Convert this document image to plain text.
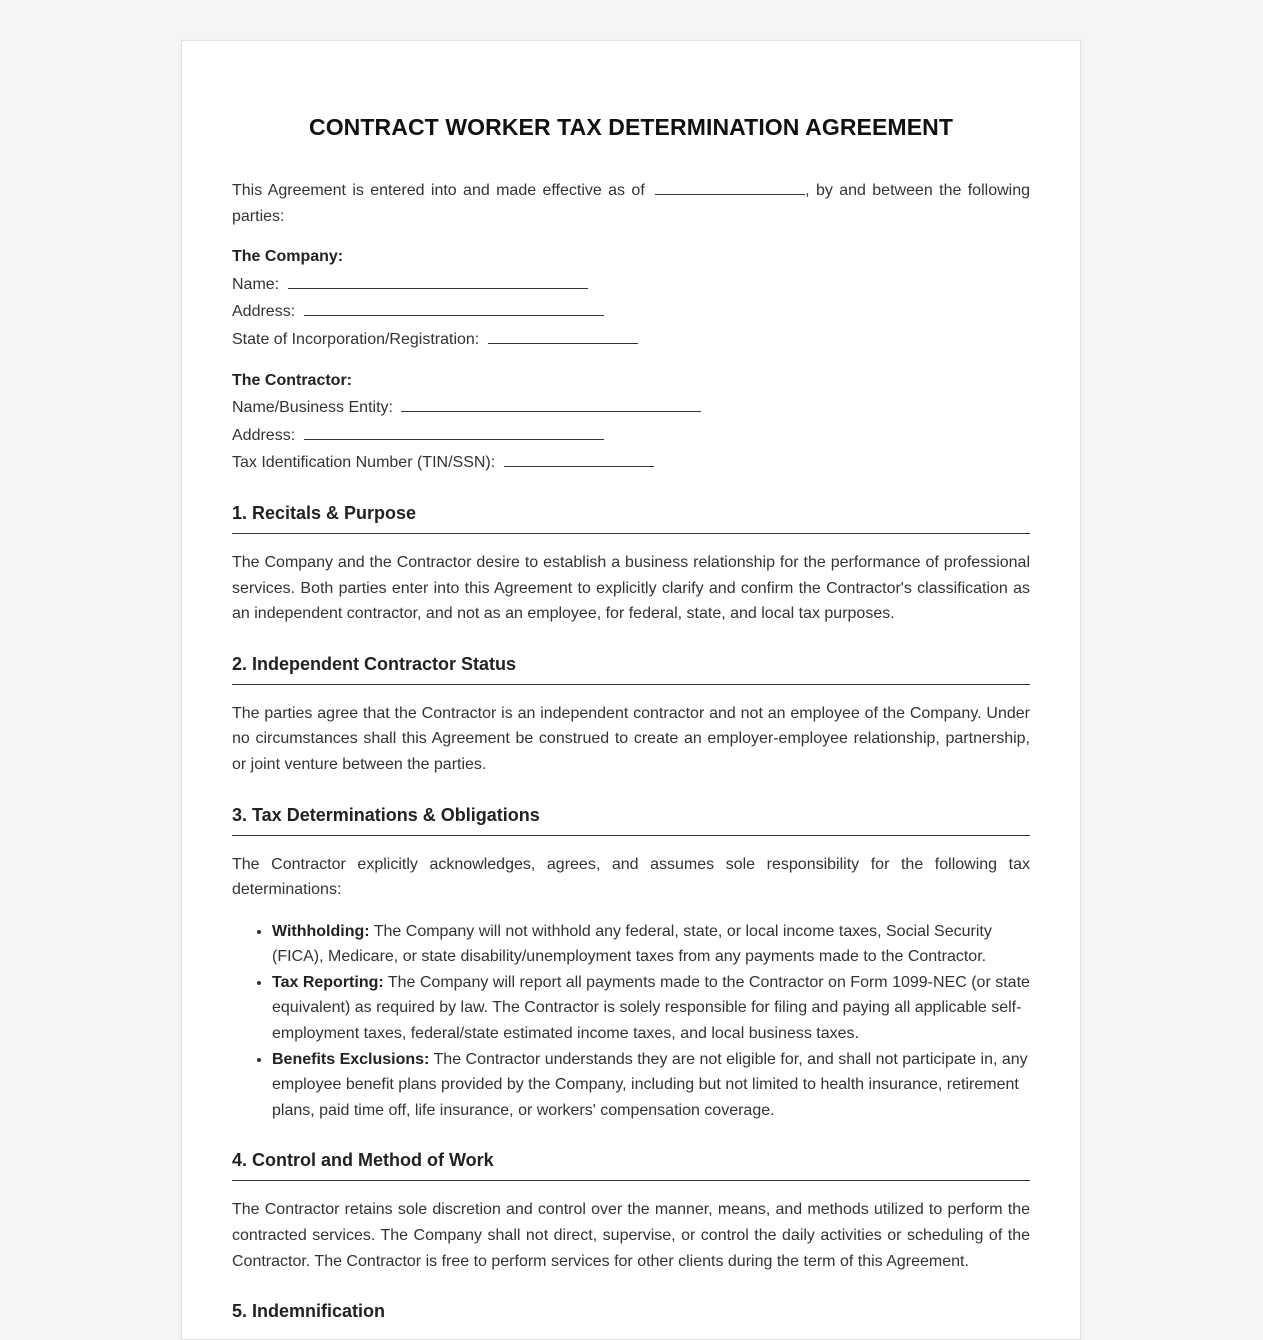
CONTRACT WORKER TAX DETERMINATION AGREEMENT

This Agreement is entered into and made effective as of	, by and between the following parties:

The Company:
Name:
Address:
State of Incorporation/Registration:
The Contractor:
Name/Business Entity:
Address:
Tax Identification Number (TIN/SSN):
1. Recitals & Purpose

The Company and the Contractor desire to establish a business relationship for the performance of professional services. Both parties enter into this Agreement to explicitly clarify and confirm the Contractor's classification as an independent contractor, and not as an employee, for federal, state, and local tax purposes.

2. Independent Contractor Status

The parties agree that the Contractor is an independent contractor and not an employee of the Company. Under no circumstances shall this Agreement be construed to create an employer-employee relationship, partnership, or joint venture between the parties.

3. Tax Determinations & Obligations

The Contractor explicitly acknowledges, agrees, and assumes sole responsibility for the following tax determinations:

• Withholding: The Company will not withhold any federal, state, or local income taxes, Social Security (FICA), Medicare, or state disability/unemployment taxes from any payments made to the Contractor.
• Tax Reporting: The Company will report all payments made to the Contractor on Form 1099-NEC (or state equivalent) as required by law. The Contractor is solely responsible for filing and paying all applicable self-employment taxes, federal/state estimated income taxes, and local business taxes.
• Benefits Exclusions: The Contractor understands they are not eligible for, and shall not participate in, any employee benefit plans provided by the Company, including but not limited to health insurance, retirement plans, paid time off, life insurance, or workers' compensation coverage.
4. Control and Method of Work

The Contractor retains sole discretion and control over the manner, means, and methods utilized to perform the contracted services. The Company shall not direct, supervise, or control the daily activities or scheduling of the Contractor. The Contractor is free to perform services for other clients during the term of this Agreement.

5. Indemnification
